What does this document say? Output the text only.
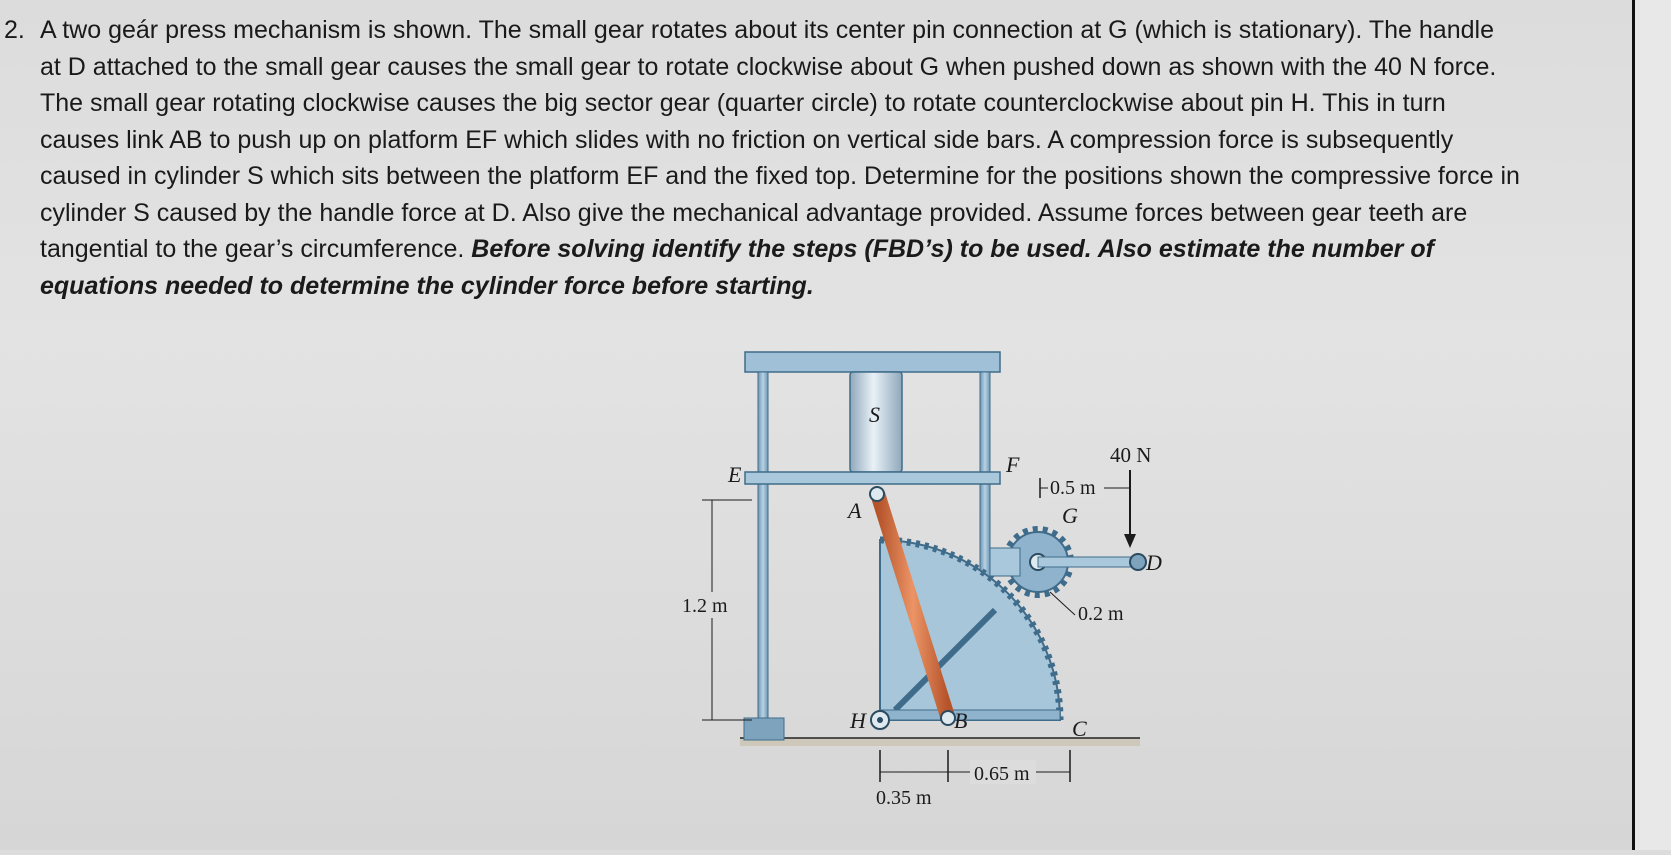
2. A two geár press mechanism is shown. The small gear rotates about its center pin connection at G (which is stationary). The handle at D attached to the small gear causes the small gear to rotate clockwise about G when pushed down as shown with the 40 N force. The small gear rotating clockwise causes the big sector gear (quarter circle) to rotate counterclockwise about pin H. This in turn causes link AB to push up on platform EF which slides with no friction on vertical side bars. A compression force is subsequently caused in cylinder S which sits between the platform EF and the fixed top. Determine for the positions shown the compressive force in cylinder S caused by the handle force at D. Also give the mechanical advantage provided. Assume forces between gear teeth are tangential to the gear’s circumference. Before solving identify the steps (FBD’s) to be used. Also estimate the number of equations needed to determine the cylinder force before starting.
S
E	F
H
A
B	C
G
D
40 N
0.5 m
1.2 m	0.2 m
0.65 m
0.35 m
